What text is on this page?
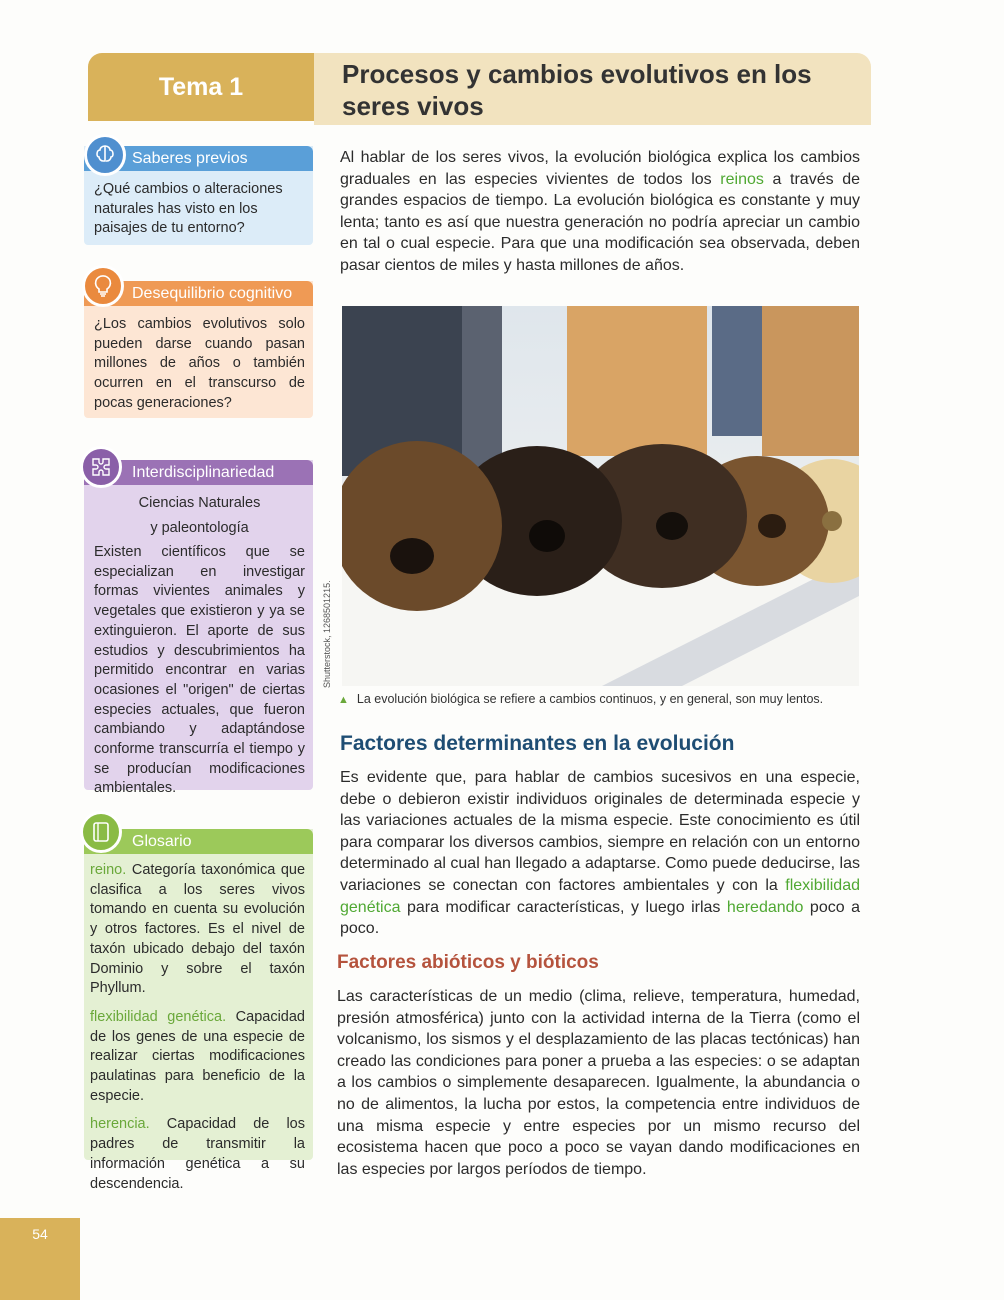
Tema 1	Procesos y cambios evolutivos en los seres vivos
Saberes previos
¿Qué cambios o alteraciones naturales has visto en los paisajes de tu entorno?
Desequilibrio cognitivo
¿Los cambios evolutivos solo pueden darse cuando pasan millones de años o también ocurren en el transcurso de pocas generaciones?
Interdisciplinariedad
Ciencias Naturales
y paleontología
Existen científicos que se especializan en investigar formas vivientes animales y vegetales que existieron y ya se extinguieron. El aporte de sus estudios y descubrimientos ha permitido encontrar en varias ocasiones el "origen" de ciertas especies actuales, que fueron cambiando y adaptándose conforme transcurría el tiempo y se producían modificaciones ambientales.
Glosario

reino. Categoría taxonómica que clasifica a los seres vivos tomando en cuenta su evolución y otros factores. Es el nivel de taxón ubicado debajo del taxón Dominio y sobre el taxón Phyllum.

flexibilidad genética. Capacidad de los genes de una especie de realizar ciertas modificaciones paulatinas para beneficio de la especie.

herencia. Capacidad de los padres de transmitir la información genética a su descendencia.

Al hablar de los seres vivos, la evolución biológica explica los cambios graduales en las especies vivientes de todos los reinos a través de grandes espacios de tiempo. La evolución biológica es constante y muy lenta; tanto es así que nuestra generación no podría apreciar un cambio en tal o cual especie. Para que una modificación sea observada, deben pasar cientos de miles y hasta millones de años.

Shutterstock, 1268501215.
▲ La evolución biológica se refiere a cambios continuos, y en general, son muy lentos.
Factores determinantes en la evolución

Es evidente que, para hablar de cambios sucesivos en una especie, debe o debieron existir individuos originales de determinada especie y las variaciones actuales de la misma especie. Este conocimiento es útil para comparar los diversos cambios, siempre en relación con un entorno determinado al cual han llegado a adaptarse. Como puede deducirse, las variaciones se conectan con factores ambientales y con la flexibilidad genética para modificar características, y luego irlas heredando poco a poco.

Factores abióticos y bióticos

Las características de un medio (clima, relieve, temperatura, humedad, presión atmosférica) junto con la actividad interna de la Tierra (como el volcanismo, los sismos y el desplazamiento de las placas tectónicas) han creado las condiciones para poner a prueba a las especies: o se adaptan a los cambios o simplemente desaparecen. Igualmente, la abundancia o no de alimentos, la lucha por estos, la competencia entre individuos de una misma especie y entre especies por un mismo recurso del ecosistema hacen que poco a poco se vayan dando modificaciones en las especies por largos períodos de tiempo.

54
